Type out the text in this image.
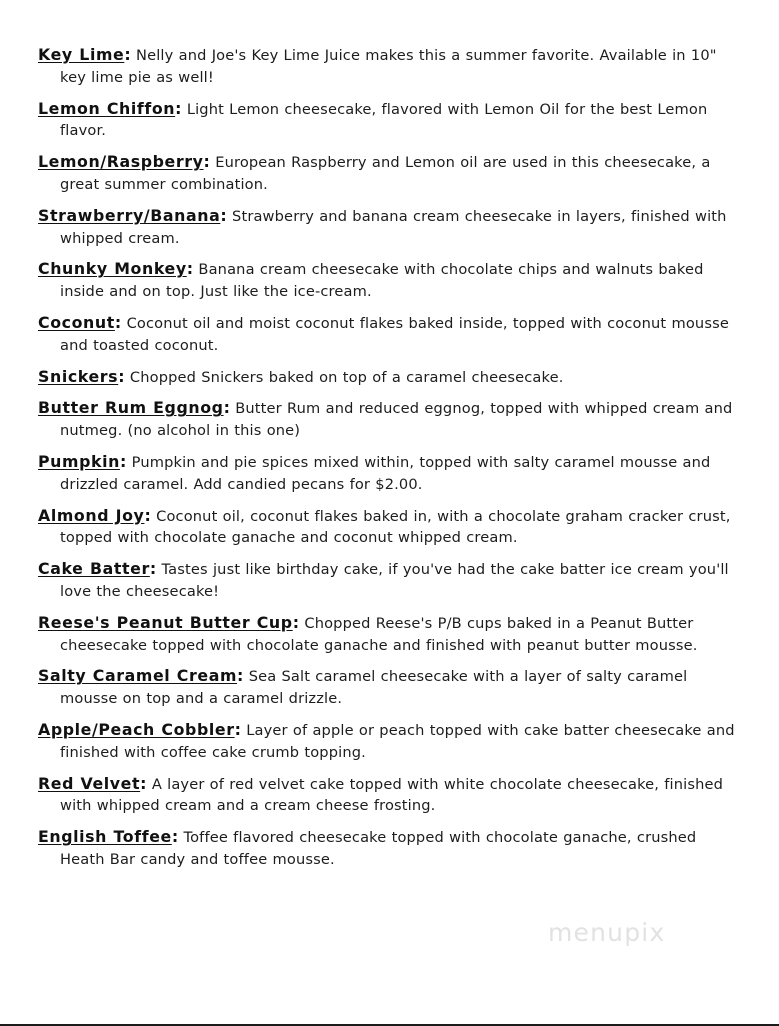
Key Lime: Nelly and Joe's Key Lime Juice makes this a summer favorite. Available in 10" key lime pie as well!

Lemon Chiffon: Light Lemon cheesecake, flavored with Lemon Oil for the best Lemon flavor.

Lemon/Raspberry: European Raspberry and Lemon oil are used in this cheesecake, a great summer combination.

Strawberry/Banana: Strawberry and banana cream cheesecake in layers, finished with whipped cream.

Chunky Monkey: Banana cream cheesecake with chocolate chips and walnuts baked inside and on top. Just like the ice-cream.

Coconut: Coconut oil and moist coconut flakes baked inside, topped with coconut mousse and toasted coconut.

Snickers: Chopped Snickers baked on top of a caramel cheesecake.

Butter Rum Eggnog: Butter Rum and reduced eggnog, topped with whipped cream and nutmeg. (no alcohol in this one)

Pumpkin: Pumpkin and pie spices mixed within, topped with salty caramel mousse and drizzled caramel. Add candied pecans for $2.00.

Almond Joy: Coconut oil, coconut flakes baked in, with a chocolate graham cracker crust, topped with chocolate ganache and coconut whipped cream.

Cake Batter: Tastes just like birthday cake, if you've had the cake batter ice cream you'll love the cheesecake!

Reese's Peanut Butter Cup: Chopped Reese's P/B cups baked in a Peanut Butter cheesecake topped with chocolate ganache and finished with peanut butter mousse.

Salty Caramel Cream: Sea Salt caramel cheesecake with a layer of salty caramel mousse on top and a caramel drizzle.

Apple/Peach Cobbler: Layer of apple or peach topped with cake batter cheesecake and finished with coffee cake crumb topping.

Red Velvet: A layer of red velvet cake topped with white chocolate cheesecake, finished with whipped cream and a cream cheese frosting.

English Toffee: Toffee flavored cheesecake topped with chocolate ganache, crushed Heath Bar candy and toffee mousse.

menupix
